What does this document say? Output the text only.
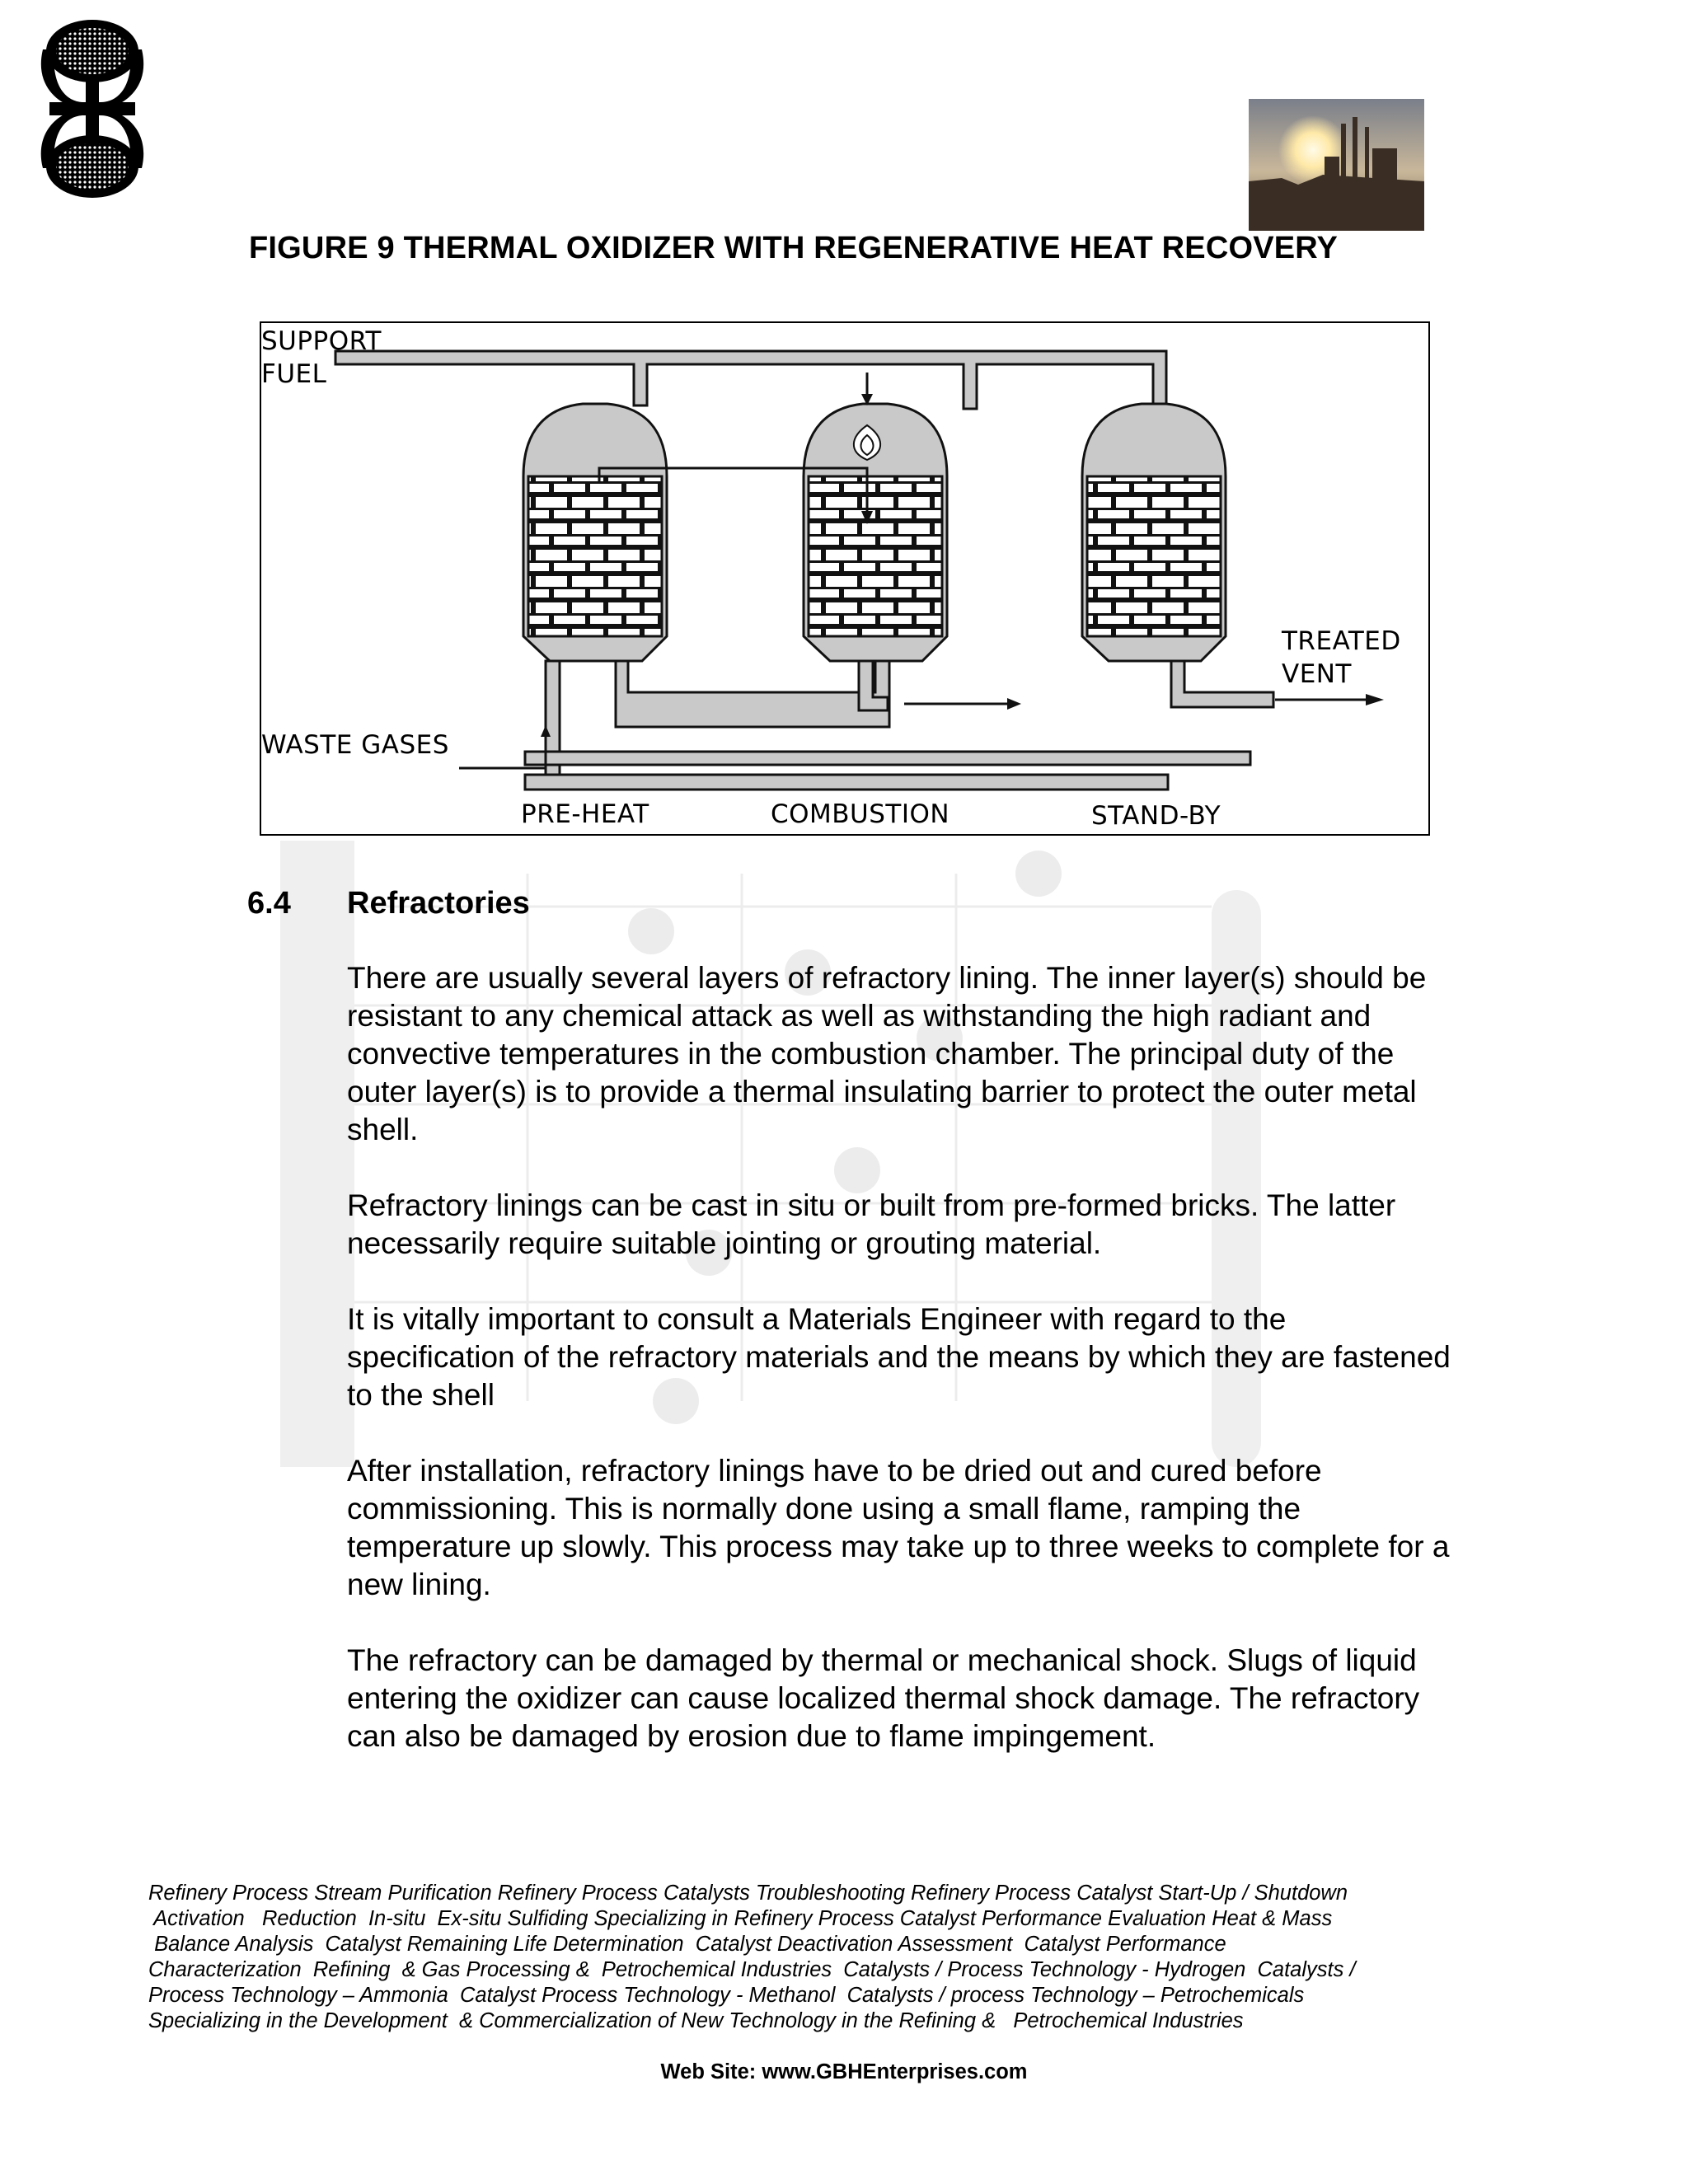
FIGURE 9 THERMAL OXIDIZER WITH REGENERATIVE HEAT RECOVERY
SUPPORT
FUEL
TREATED
VENT
WASTE GASES
PRE-HEAT	COMBUSTION	STAND-BY
6.4 Refractories

There are usually several layers of refractory lining. The inner layer(s) should be resistant to any chemical attack as well as withstanding the high radiant and convective temperatures in the combustion chamber. The principal duty of the outer layer(s) is to provide a thermal insulating barrier to protect the outer metal shell.

Refractory linings can be cast in situ or built from pre-formed bricks. The latter necessarily require suitable jointing or grouting material.

It is vitally important to consult a Materials Engineer with regard to the specification of the refractory materials and the means by which they are fastened to the shell

After installation, refractory linings have to be dried out and cured before commissioning. This is normally done using a small flame, ramping the temperature up slowly. This process may take up to three weeks to complete for a new lining.

The refractory can be damaged by thermal or mechanical shock. Slugs of liquid entering the oxidizer can cause localized thermal shock damage. The refractory can also be damaged by erosion due to flame impingement.

Refinery Process Stream Purification Refinery Process Catalysts Troubleshooting Refinery Process Catalyst Start-Up / Shutdown
Activation   Reduction  In-situ  Ex-situ Sulfiding Specializing in Refinery Process Catalyst Performance Evaluation Heat & Mass
Balance Analysis  Catalyst Remaining Life Determination  Catalyst Deactivation Assessment  Catalyst Performance
Characterization  Refining  & Gas Processing &  Petrochemical Industries  Catalysts / Process Technology - Hydrogen  Catalysts /
Process Technology – Ammonia  Catalyst Process Technology - Methanol  Catalysts / process Technology – Petrochemicals
Specializing in the Development  & Commercialization of New Technology in the Refining &   Petrochemical Industries
Web Site: www.GBHEnterprises.com
